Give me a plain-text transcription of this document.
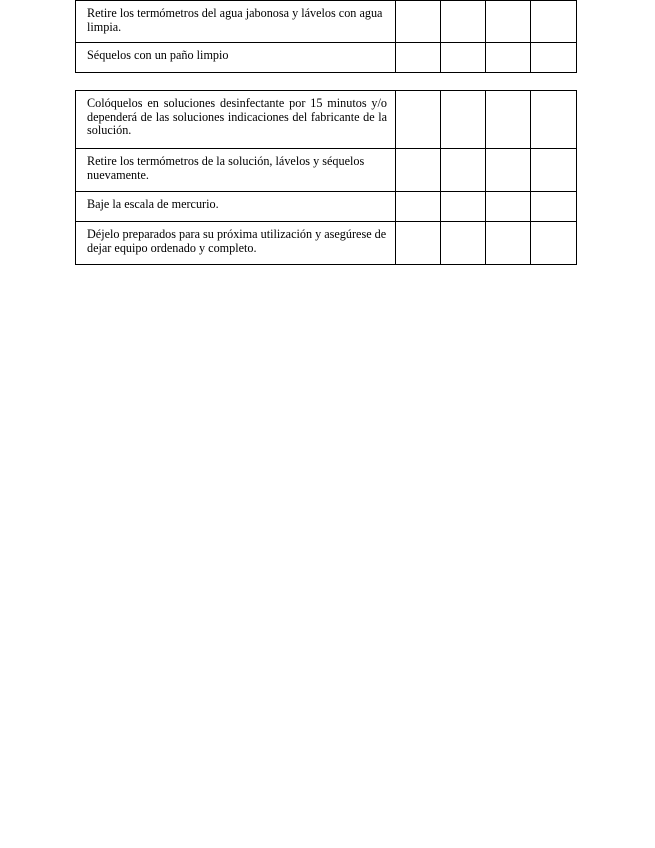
Retire los termómetros del agua jabonosa y lávelos con agua limpia.				
Séquelos con un paño limpio				
Colóquelos en soluciones desinfectante por 15 minutos y/o dependerá de las soluciones indicaciones del fabricante de la solución.				
Retire los termómetros de la solución, lávelos y séquelos nuevamente.				
Baje la escala de mercurio.				
Déjelo preparados para su próxima utilización y asegúrese de dejar equipo ordenado y completo.				
